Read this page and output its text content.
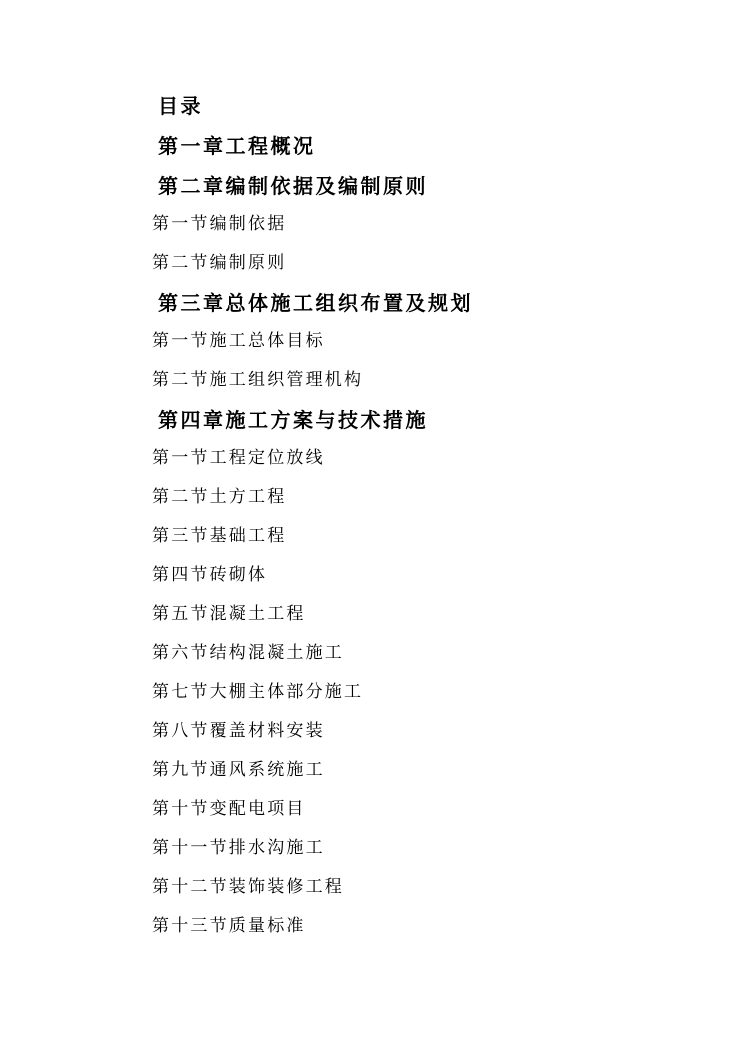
目录
第一章工程概况
第二章编制依据及编制原则
第一节编制依据
第二节编制原则
第三章总体施工组织布置及规划
第一节施工总体目标
第二节施工组织管理机构
第四章施工方案与技术措施
第一节工程定位放线
第二节土方工程
第三节基础工程
第四节砖砌体
第五节混凝土工程
第六节结构混凝土施工
第七节大棚主体部分施工
第八节覆盖材料安装
第九节通风系统施工
第十节变配电项目
第十一节排水沟施工
第十二节装饰装修工程
第十三节质量标准
